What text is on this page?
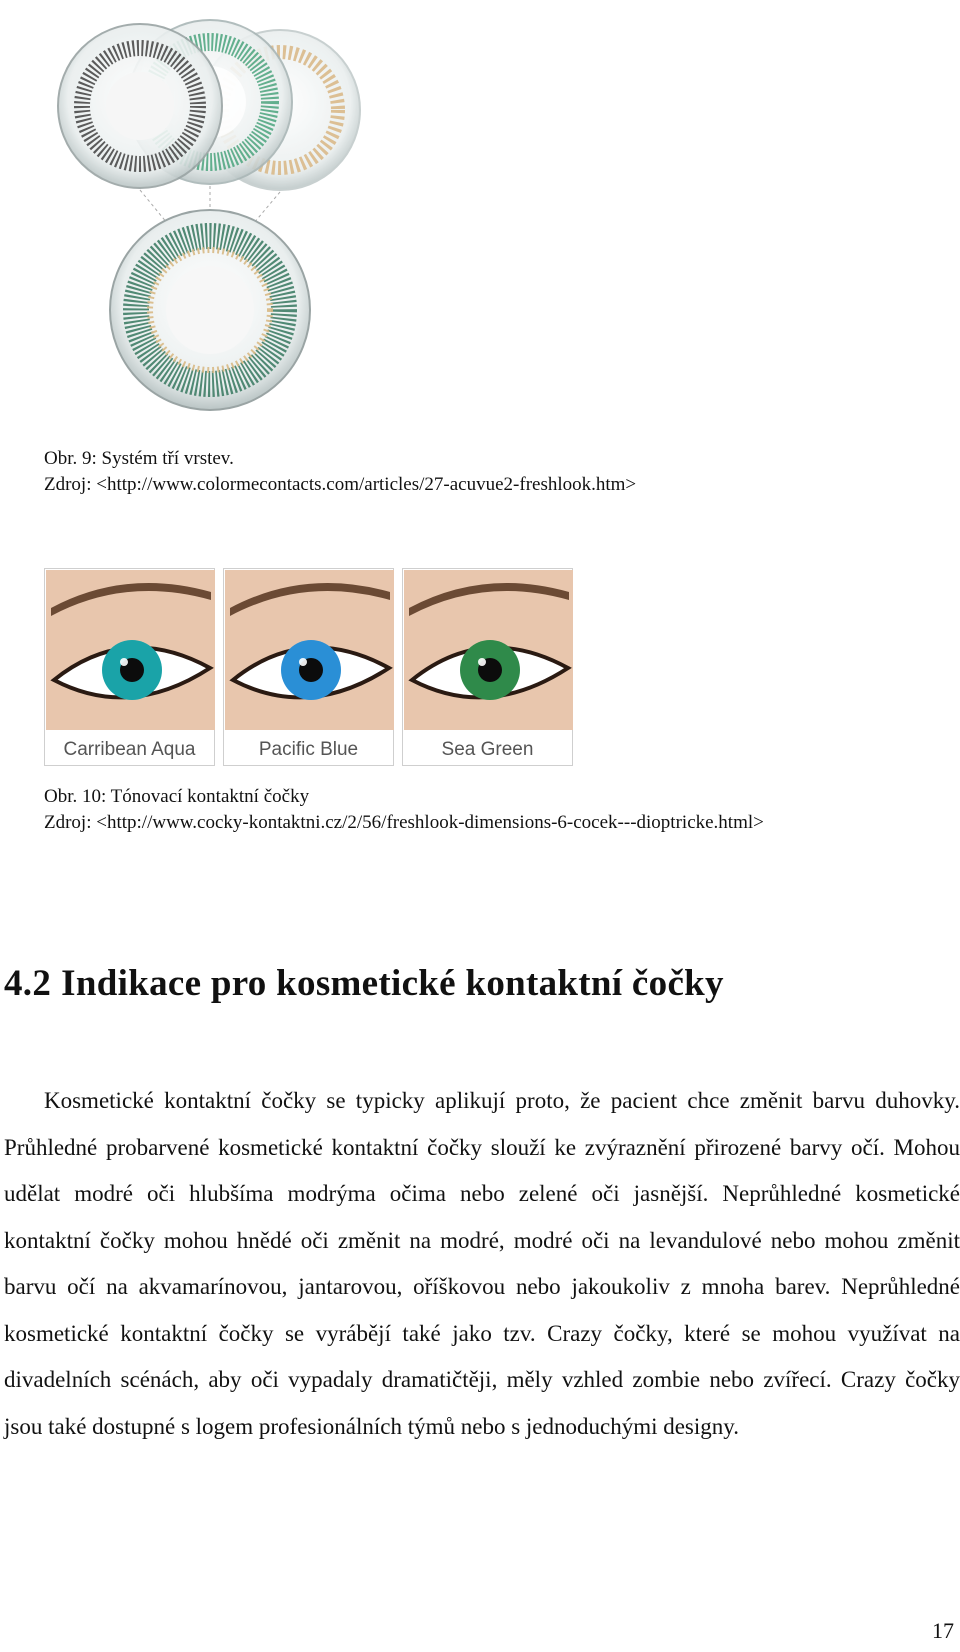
Obr. 9: Systém tří vrstev.
Zdroj: <http://www.colormecontacts.com/articles/27-acuvue2-freshlook.htm>
Carribean Aqua	Pacific Blue	Sea Green
Obr. 10: Tónovací kontaktní čočky
Zdroj: <http://www.cocky-kontaktni.cz/2/56/freshlook-dimensions-6-cocek---dioptricke.html>
4.2 Indikace pro kosmetické kontaktní čočky

Kosmetické kontaktní čočky se typicky aplikují proto, že pacient chce změnit barvu duhovky. Průhledné probarvené kosmetické kontaktní čočky slouží ke zvýraznění přirozené barvy očí. Mohou udělat modré oči hlubšíma modrýma očima nebo zelené oči jasnější. Neprůhledné kosmetické kontaktní čočky mohou hnědé oči změnit na modré, modré oči na levandulové nebo mohou změnit barvu očí na akvamarínovou, jantarovou, oříškovou nebo jakoukoliv z mnoha barev. Neprůhledné kosmetické kontaktní čočky se vyrábějí také jako tzv. Crazy čočky, které se mohou využívat na divadelních scénách, aby oči vypadaly dramatičtěji, měly vzhled zombie nebo zvířecí. Crazy čočky jsou také dostupné s logem profesionálních týmů nebo s jednoduchými designy.

17
